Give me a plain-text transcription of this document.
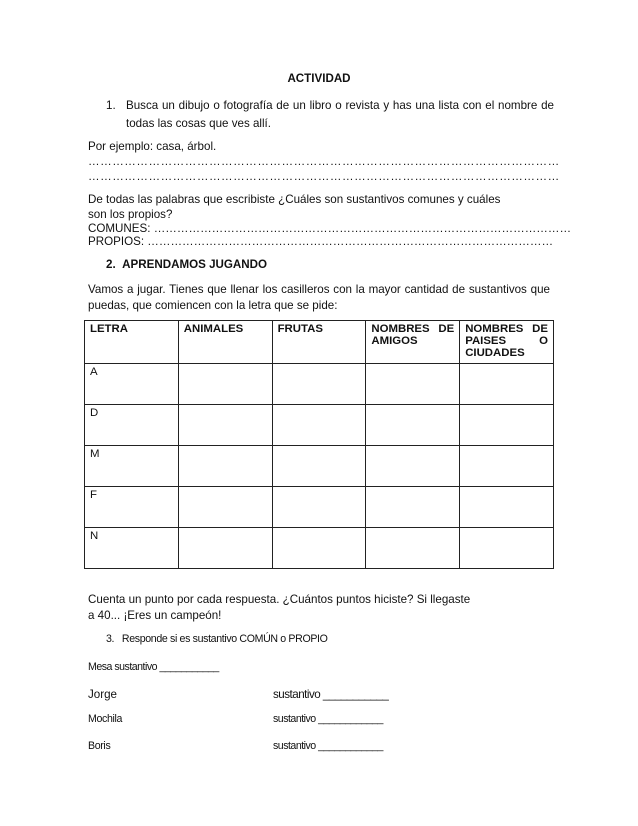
ACTIVIDAD
1. Busca un dibujo o fotografía de un libro o revista y has una lista con el nombre de todas las cosas que ves allí.
Por ejemplo: casa, árbol.
………………………………………………………………………………………………………
………………………………………………………………………………………………………
De todas las palabras que escribiste ¿Cuáles son sustantivos comunes y cuáles
son los propios?
COMUNES: ………………………………………………………………………………………………
PROPIOS: ……………………………………………………………………………………………
2. APRENDAMOS JUGANDO
Vamos a jugar. Tienes que llenar los casilleros con la mayor cantidad de sustantivos que puedas, que comiencen con la letra que se pide:
LETRA	ANIMALES	FRUTAS	NOMBRES DE AMIGOS	NOMBRES DE PAISES O CIUDADES
A				
D				
M				
F				
N				
Cuenta un punto por cada respuesta. ¿Cuántos puntos hiciste? Si llegaste
a 40... ¡Eres un campeón!
3. Responde si es sustantivo COMÚN o PROPIO
Mesa sustantivo ___________
Jorge	sustantivo ___________
Mochila	sustantivo ____________
Boris	sustantivo ____________
